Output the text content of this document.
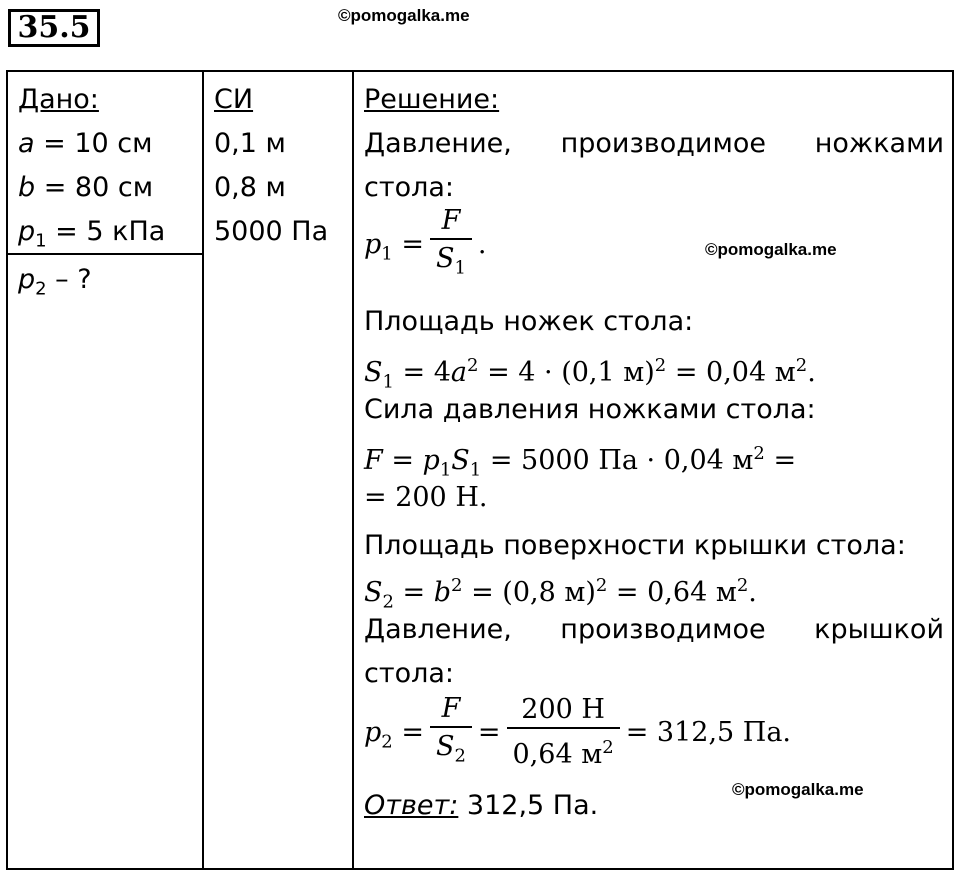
35.5	©pomogalka.me
©pomogalka.me
©pomogalka.me
Дано:
a = 10 см
b = 80 см
$p_1 = 5$ кПа
$p_2$ – ?
СИ
0,1 м
0,8 м
5000 Па
Решение:
Давление, производимое ножками
стола:
$p_1 = \frac{F}{S_1}$ .
Площадь ножек стола:
$S_1 = 4a^2 = 4 \cdot (0,1$ м)$^2$ = 0,04 $м^2$.
Сила давления ножками стола:
$F = p_1S_1 = 5000$ Па · 0,04 $м^2$ =
= 200 Н.
Площадь поверхности крышки стола:
$S_2 = b^2 = (0,8$ м)$^2$ = 0,64 $м^2$.
Давление, производимое крышкой
стола:
$p_2 = \frac{F}{S_2} = \frac{200 Н}{0,64 м^2} = 312,5$ Па.
Ответ: 312,5 Па.
